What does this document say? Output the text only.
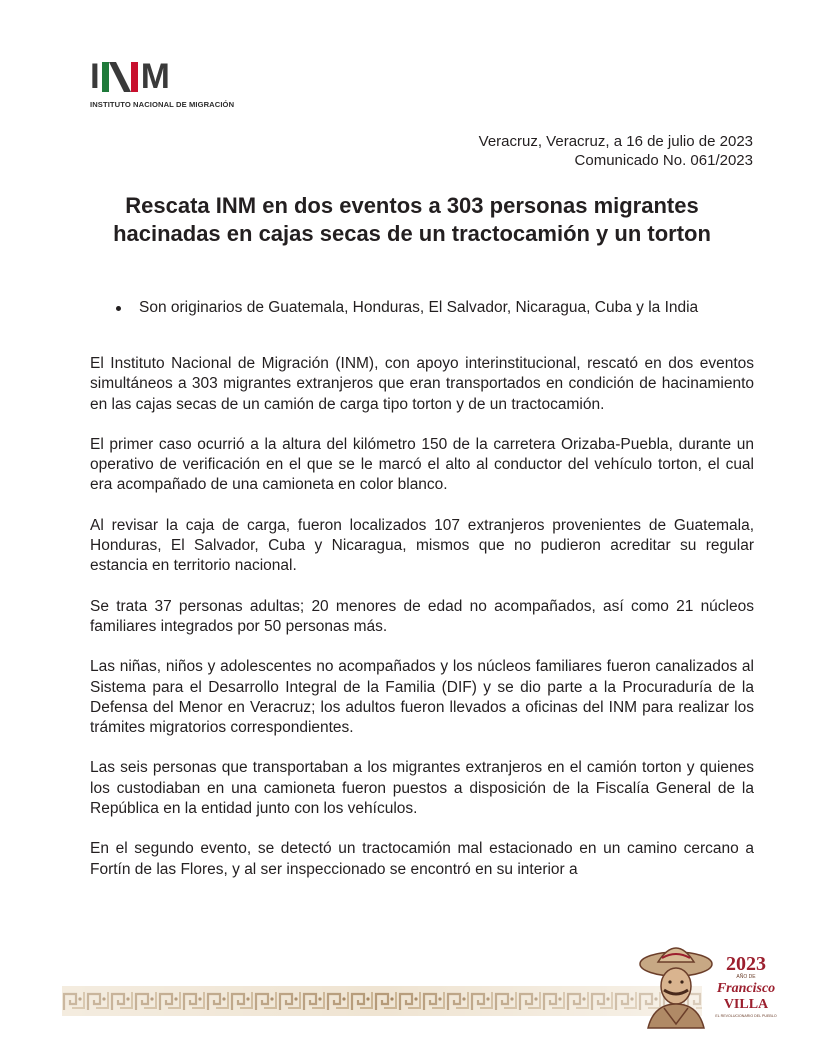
I M
INSTITUTO NACIONAL DE MIGRACIÓN
Veracruz, Veracruz, a 16 de julio de 2023
Comunicado No. 061/2023
Rescata INM en dos eventos a 303 personas migrantes hacinadas en cajas secas de un tractocamión y un torton
Son originarios de Guatemala, Honduras, El Salvador, Nicaragua, Cuba y la India

El Instituto Nacional de Migración (INM), con apoyo interinstitucional, rescató en dos eventos simultáneos a 303 migrantes extranjeros que eran transportados en condición de hacinamiento en las cajas secas de un camión de carga tipo torton y de un tractocamión.

El primer caso ocurrió a la altura del kilómetro 150 de la carretera Orizaba-Puebla, durante un operativo de verificación en el que se le marcó el alto al conductor del vehículo torton, el cual era acompañado de una camioneta en color blanco.

Al revisar la caja de carga, fueron localizados 107 extranjeros provenientes de Guatemala, Honduras, El Salvador, Cuba y Nicaragua, mismos que no pudieron acreditar su regular estancia en territorio nacional.

Se trata 37 personas adultas; 20 menores de edad no acompañados, así como 21 núcleos familiares integrados por 50 personas más.

Las niñas, niños y adolescentes no acompañados y los núcleos familiares fueron canalizados al Sistema para el Desarrollo Integral de la Familia (DIF) y se dio parte a la Procuraduría de la Defensa del Menor en Veracruz; los adultos fueron llevados a oficinas del INM para realizar los trámites migratorios correspondientes.

Las seis personas que transportaban a los migrantes extranjeros en el camión torton y quienes los custodiaban en una camioneta fueron puestos a disposición de la Fiscalía General de la República en la entidad junto con los vehículos.

En el segundo evento, se detectó un tractocamión mal estacionado en un camino cercano a Fortín de las Flores, y al ser inspeccionado se encontró en su interior a

2023
AÑO DE
Francisco
VILLA
EL REVOLUCIONARIO DEL PUEBLO
